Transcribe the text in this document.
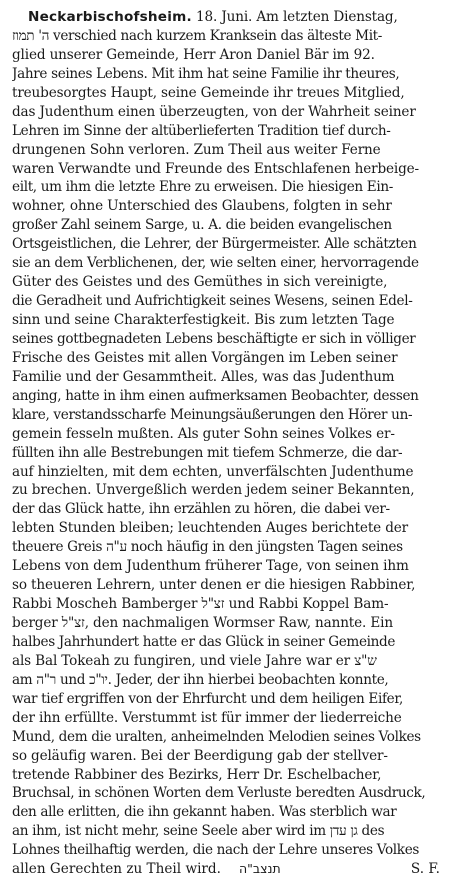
Neckarbischofsheim. 18. Juni. Am letzten Dienstag,
ה' תמוז verschied nach kurzem Kranksein das älteste Mit-
glied unserer Gemeinde, Herr Aron Daniel Bär im 92.
Jahre seines Lebens. Mit ihm hat seine Familie ihr theures,
treubesorgtes Haupt, seine Gemeinde ihr treues Mitglied,
das Judenthum einen überzeugten, von der Wahrheit seiner
Lehren im Sinne der altüberlieferten Tradition tief durch-
drungenen Sohn verloren. Zum Theil aus weiter Ferne
waren Verwandte und Freunde des Entschlafenen herbeige-
eilt, um ihm die letzte Ehre zu erweisen. Die hiesigen Ein-
wohner, ohne Unterschied des Glaubens, folgten in sehr
großer Zahl seinem Sarge, u. A. die beiden evangelischen
Ortsgeistlichen, die Lehrer, der Bürgermeister. Alle schätzten
sie an dem Verblichenen, der, wie selten einer, hervorragende
Güter des Geistes und des Gemüthes in sich vereinigte,
die Geradheit und Aufrichtigkeit seines Wesens, seinen Edel-
sinn und seine Charakterfestigkeit. Bis zum letzten Tage
seines gottbegnadeten Lebens beschäftigte er sich in völliger
Frische des Geistes mit allen Vorgängen im Leben seiner
Familie und der Gesammtheit. Alles, was das Judenthum
anging, hatte in ihm einen aufmerksamen Beobachter, dessen
klare, verstandsscharfe Meinungsäußerungen den Hörer un-
gemein fesseln mußten. Als guter Sohn seines Volkes er-
füllten ihn alle Bestrebungen mit tiefem Schmerze, die dar-
auf hinzielten, mit dem echten, unverfälschten Judenthume
zu brechen. Unvergeßlich werden jedem seiner Bekannten,
der das Glück hatte, ihn erzählen zu hören, die dabei ver-
lebten Stunden bleiben; leuchtenden Auges berichtete der
theuere Greis ע"ה noch häufig in den jüngsten Tagen seines
Lebens von dem Judenthum früherer Tage, von seinen ihm
so theueren Lehrern, unter denen er die hiesigen Rabbiner,
Rabbi Moscheh Bamberger זצ"ל und Rabbi Koppel Bam-
berger זצ"ל, den nachmaligen Wormser Raw, nannte. Ein
halbes Jahrhundert hatte er das Glück in seiner Gemeinde
als Bal Tokeah zu fungiren, und viele Jahre war er ש"צ
am ר"ה und יו"כ. Jeder, der ihn hierbei beobachten konnte,
war tief ergriffen von der Ehrfurcht und dem heiligen Eifer,
der ihn erfüllte. Verstummt ist für immer der liederreiche
Mund, dem die uralten, anheimelnden Melodien seines Volkes
so geläufig waren. Bei der Beerdigung gab der stellver-
tretende Rabbiner des Bezirks, Herr Dr. Eschelbacher,
Bruchsal, in schönen Worten dem Verluste beredten Ausdruck,
den alle erlitten, die ihn gekannt haben. Was sterblich war
an ihm, ist nicht mehr, seine Seele aber wird im גן עדן des
Lohnes theilhaftig werden, die nach der Lehre unseres Volkes
allen Gerechten zu Theil wird. תנצב"ה	S. F.
